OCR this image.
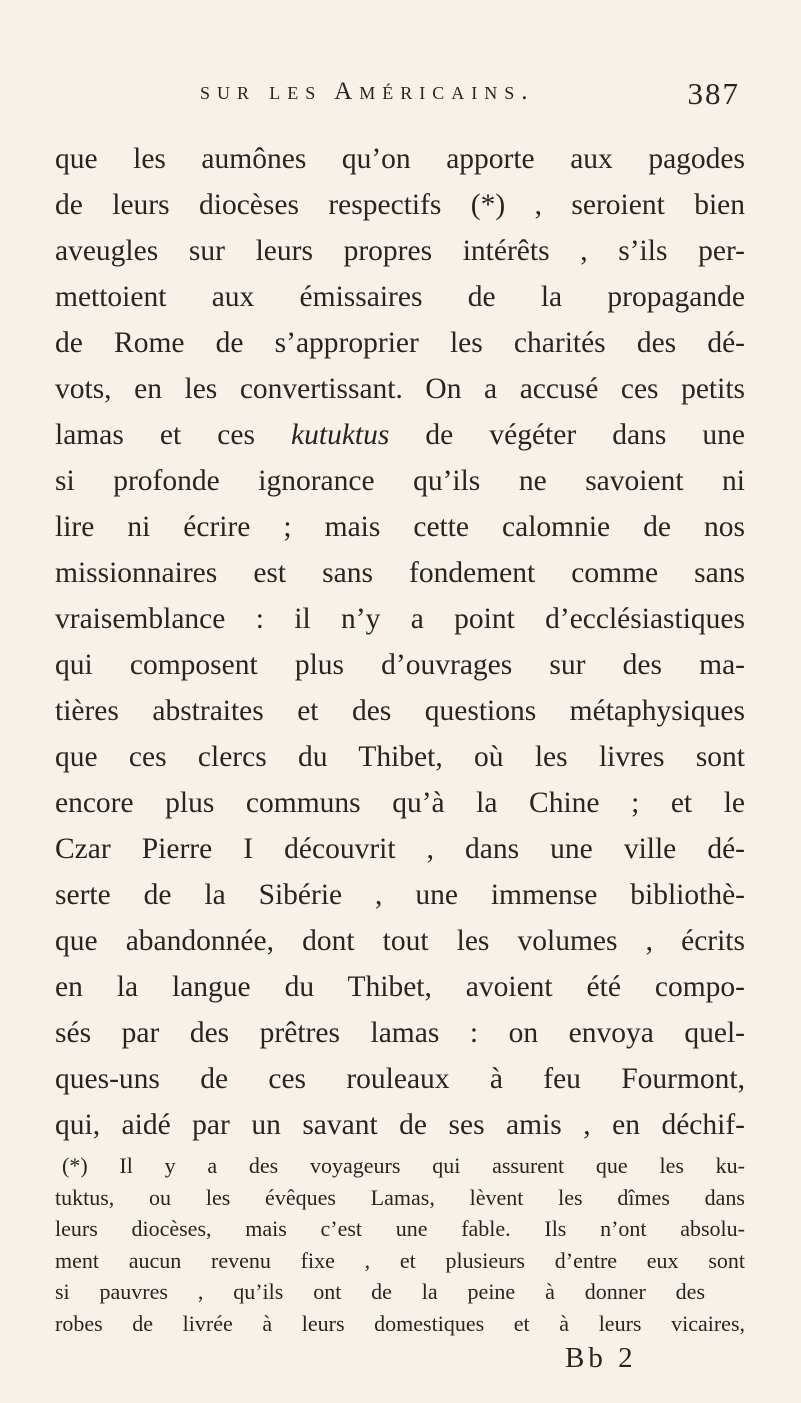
sur les Américains.	387
que les aumônes qu’on apporte aux pagodes
de leurs diocèses respectifs (*) , seroient bien
aveugles sur leurs propres intérêts , s’ils per-
mettoient aux émissaires de la propagande
de Rome de s’approprier les charités des dé-
vots, en les convertissant. On a accusé ces petits
lamas et ces kutuktus de végéter dans une
si profonde ignorance qu’ils ne savoient ni
lire ni écrire ; mais cette calomnie de nos
missionnaires est sans fondement comme sans
vraisemblance : il n’y a point d’ecclésiastiques
qui composent plus d’ouvrages sur des ma-
tières abstraites et des questions métaphysiques
que ces clercs du Thibet, où les livres sont
encore plus communs qu’à la Chine ; et le
Czar Pierre I découvrit , dans une ville dé-
serte de la Sibérie , une immense bibliothè-
que abandonnée, dont tout les volumes , écrits
en la langue du Thibet, avoient été compo-
sés par des prêtres lamas : on envoya quel-
ques-uns de ces rouleaux à feu Fourmont,
qui, aidé par un savant de ses amis , en déchif-
(*) Il y a des voyageurs qui assurent que les ku-
tuktus, ou les évêques Lamas, lèvent les dîmes dans
leurs diocèses, mais c’est une fable. Ils n’ont absolu-
ment aucun revenu fixe , et plusieurs d’entre eux sont
si pauvres , qu’ils ont de la peine à donner des
Bb 2
robes de livrée à leurs domestiques et à leurs vicaires,
